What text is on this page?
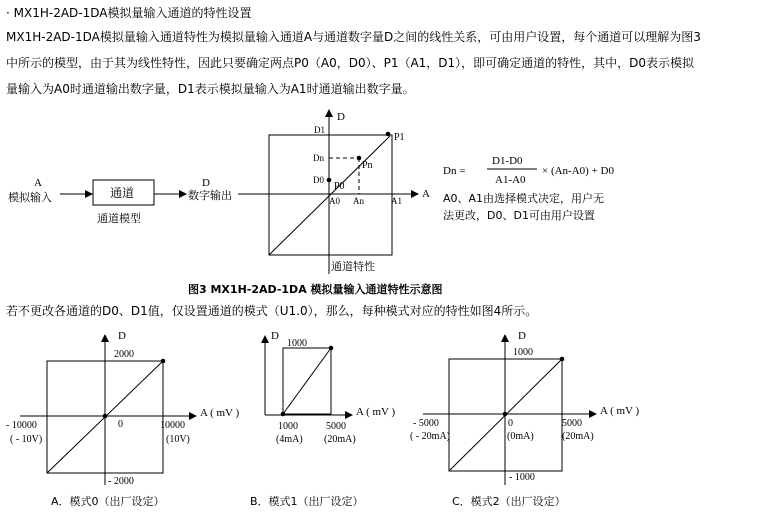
· MX1H-2AD-1DA模拟量输入通道的特性设置
MX1H-2AD-1DA模拟量输入通道特性为模拟量输入通道A与通道数字量D之间的线性关系，可由用户设置，每个通道可以理解为图3
中所示的模型，由于其为线性特性，因此只要确定两点P0（A0，D0）、P1（A1，D1），即可确定通道的特性，其中，D0表示模拟
量输入为A0时通道输出数字量，D1表示模拟量输入为A1时通道输出数字量。
A
模拟输入	通道
通道模型
D
数字输出
D
A
P1
Pn
P0
D1
Dn
D0
A0 An	A1
通道特性
Dn =
D1-D0
A1-A0
× (An-A0) + D0
A0、A1由选择模式决定，用户无
法更改，D0、D1可由用户设置
图3 MX1H-2AD-1DA 模拟量输入通道特性示意图
若不更改各通道的D0、D1值，仅设置通道的模式（U1.0），那么，每种模式对应的特性如图4所示。
D
2000
A ( mV )
0
- 10000
( - 10V)
10000
(10V)
- 2000
A．模式0（出厂设定）
D
1000
A ( mV )
1000
(4mA)
5000
(20mA)
B．模式1（出厂设定）
D
1000
A ( mV )
0
(0mA)
- 5000
( - 20mA)
5000
(20mA)
- 1000
C．模式2（出厂设定）
